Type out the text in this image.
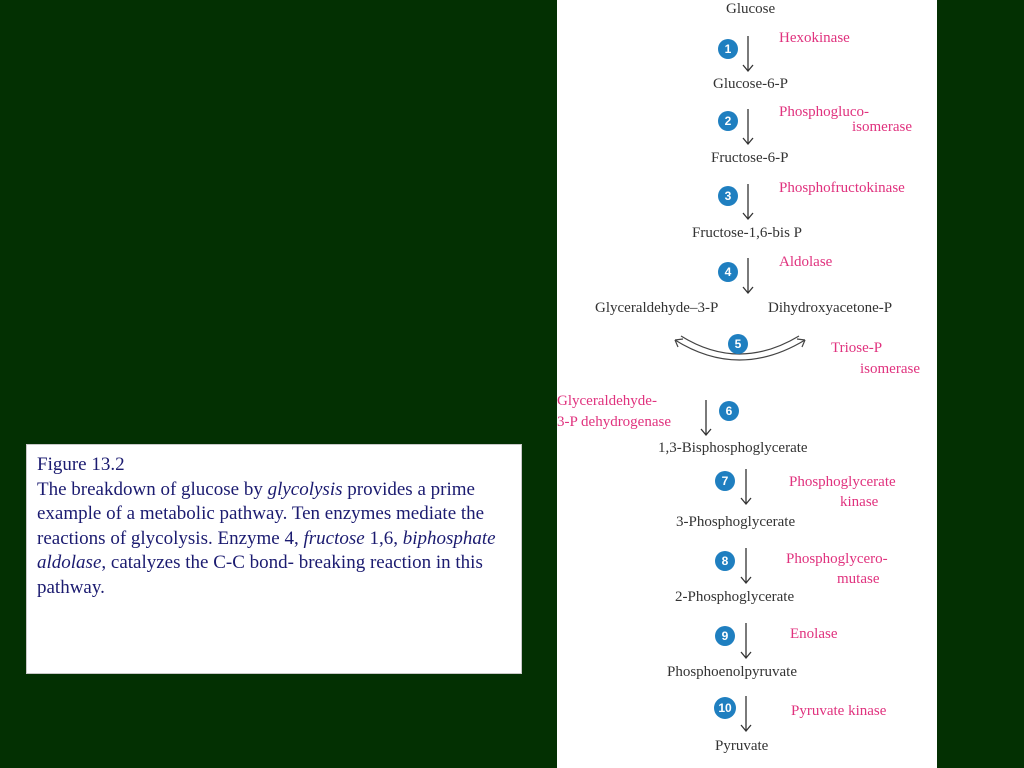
Figure 13.2

The breakdown of glucose by glycolysis provides a prime example of a metabolic pathway. Ten enzymes mediate the reactions of glycolysis. Enzyme 4, fructose 1,6, biphosphate aldolase, catalyzes the C-C bond- breaking reaction in this pathway.

Glucose
Glucose-6-P
Fructose-6-P
Fructose-1,6-bis P
Glyceraldehyde–3-P	Dihydroxyacetone-P
1,3-Bisphosphoglycerate
3-Phosphoglycerate
2-Phosphoglycerate
Phosphoenolpyruvate
Pyruvate
1
Hexokinase
2
Phosphogluco-
isomerase
3	Phosphofructokinase
4
Aldolase
5	Triose-P
isomerase
Glyceraldehyde-
3-P dehydrogenase
6
7	Phosphoglycerate
kinase
8	Phosphoglycero-
mutase
9	Enolase
10	Pyruvate kinase
